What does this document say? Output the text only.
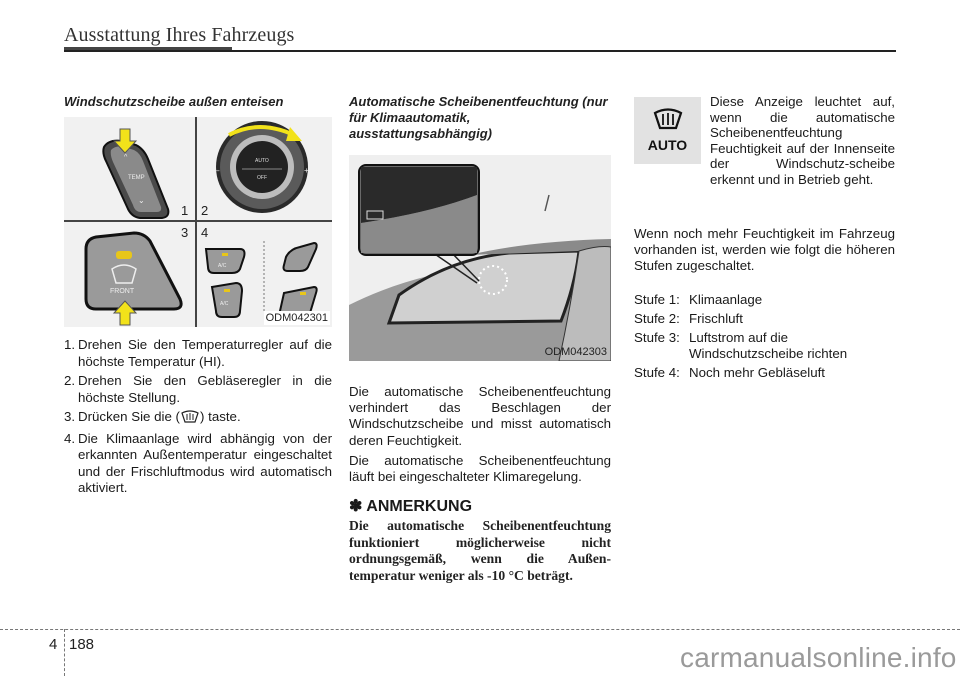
Ausstattung Ihres Fahrzeugs
Windschutzscheibe außen enteisen
TEMP
⌄
^	AUTO
OFF
–	+
FRONT
A/C
A/C
1 2
3 4
ODM042301
1. Drehen Sie den Temperaturregler auf die höchste Temperatur (HI).
2. Drehen Sie den Gebläseregler in die höchste Stellung.
3. Drücken Sie die ( ) taste.
4. Die Klimaanlage wird abhängig von der erkannten Außentemperatur eingeschaltet und der Frischluftmodus wird automatisch aktiviert.
Automatische Scheibenentfeuchtung (nur für Klimaautomatik, ausstattungsabhängig)
ODM042303

Die automatische Scheibenentfeuchtung verhindert das Beschlagen der Windschutzscheibe und misst automatisch deren Feuchtigkeit.

Die automatische Scheibenentfeuchtung läuft bei eingeschalteter Klimaregelung.

✽ ANMERKUNG
Die automatische Scheibenentfeuchtung funktioniert möglicherweise nicht ordnungsgemäß, wenn die Außen-temperatur weniger als -10 °C beträgt.
AUTO
Diese Anzeige leuchtet auf, wenn die automatische Scheibenentfeuchtung Feuchtigkeit auf der Innenseite der Windschutz-scheibe erkennt und in Betrieb geht.
Wenn noch mehr Feuchtigkeit im Fahrzeug vorhanden ist, werden wie folgt die höheren Stufen zugeschaltet.
Stufe 1: Klimaanlage
Stufe 2: Frischluft
Stufe 3: Luftstrom auf die Windschutzscheibe richten
Stufe 4: Noch mehr Gebläseluft
4 188	carmanualsonline.info
